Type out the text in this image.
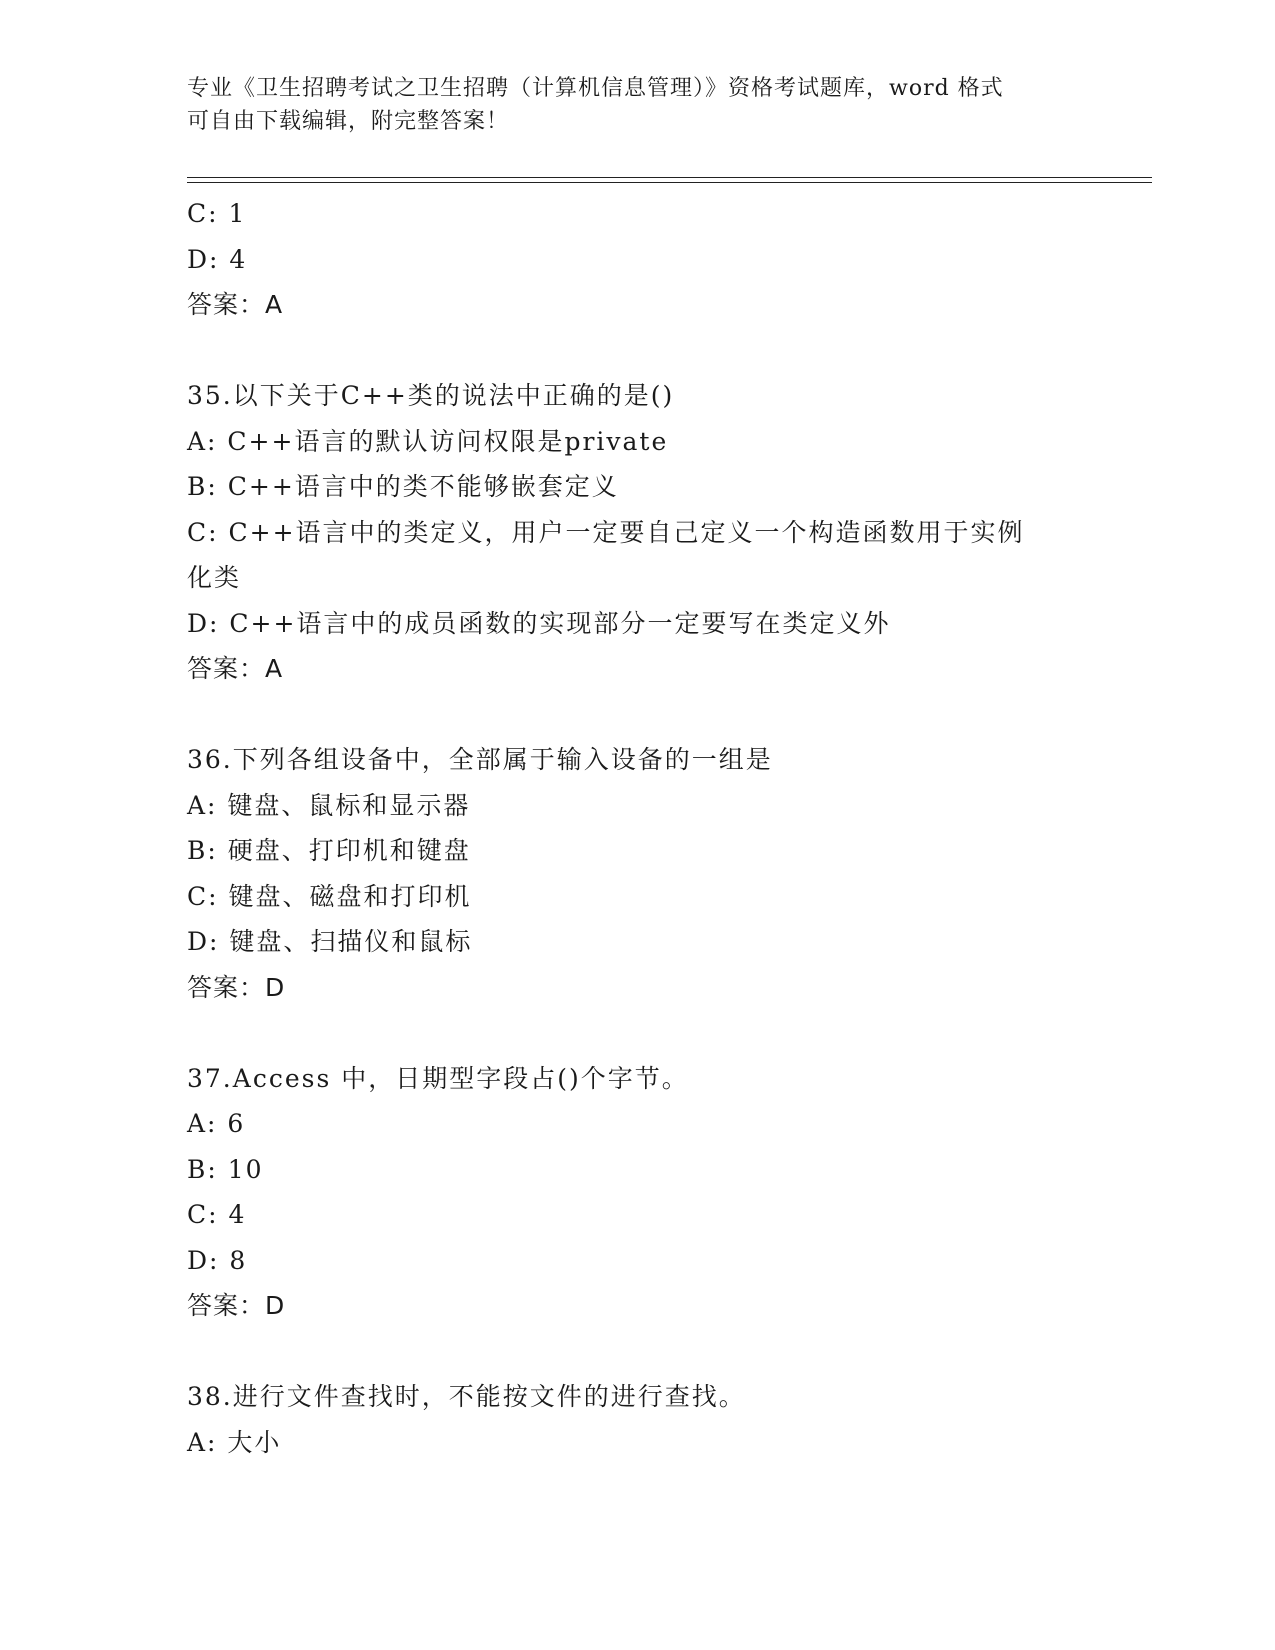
专业《卫生招聘考试之卫生招聘（计算机信息管理）》资格考试题库，word 格式
可自由下载编辑，附完整答案！
C: 1
D: 4
答案：A
35.以下关于C++类的说法中正确的是()
A: C++语言的默认访问权限是private
B: C++语言中的类不能够嵌套定义
C: C++语言中的类定义，用户一定要自己定义一个构造函数用于实例
化类
D: C++语言中的成员函数的实现部分一定要写在类定义外
答案：A
36.下列各组设备中，全部属于输入设备的一组是
A: 键盘、鼠标和显示器
B: 硬盘、打印机和键盘
C: 键盘、磁盘和打印机
D: 键盘、扫描仪和鼠标
答案：D
37.Access 中，日期型字段占()个字节。
A: 6
B: 10
C: 4
D: 8
答案：D
38.进行文件查找时，不能按文件的进行查找。
A: 大小
